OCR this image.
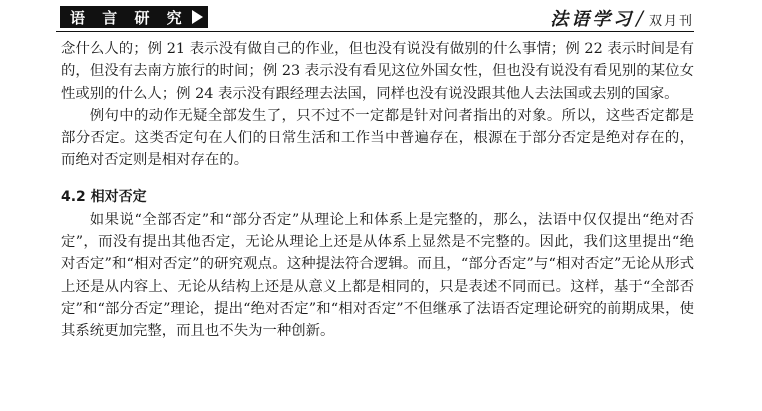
语 言 研 究	法语学习 / 双月刊

念什么人的；例 21 表示没有做自己的作业，但也没有说没有做别的什么事情；例 22 表示时间是有的，但没有去南方旅行的时间；例 23 表示没有看见这位外国女性，但也没有说没有看见别的某位女性或别的什么人；例 24 表示没有跟经理去法国，同样也没有说没跟其他人去法国或去别的国家。

例句中的动作无疑全部发生了，只不过不一定都是针对问者指出的对象。所以，这些否定都是部分否定。这类否定句在人们的日常生活和工作当中普遍存在，根源在于部分否定是绝对存在的，而绝对否定则是相对存在的。

4.2 相对否定

如果说“全部否定”和“部分否定”从理论上和体系上是完整的，那么，法语中仅仅提出“绝对否定”，而没有提出其他否定，无论从理论上还是从体系上显然是不完整的。因此，我们这里提出“绝对否定”和“相对否定”的研究观点。这种提法符合逻辑。而且，“部分否定”与“相对否定”无论从形式上还是从内容上、无论从结构上还是从意义上都是相同的，只是表述不同而已。这样，基于“全部否定”和“部分否定”理论，提出“绝对否定”和“相对否定”不但继承了法语否定理论研究的前期成果，使其系统更加完整，而且也不失为一种创新。
